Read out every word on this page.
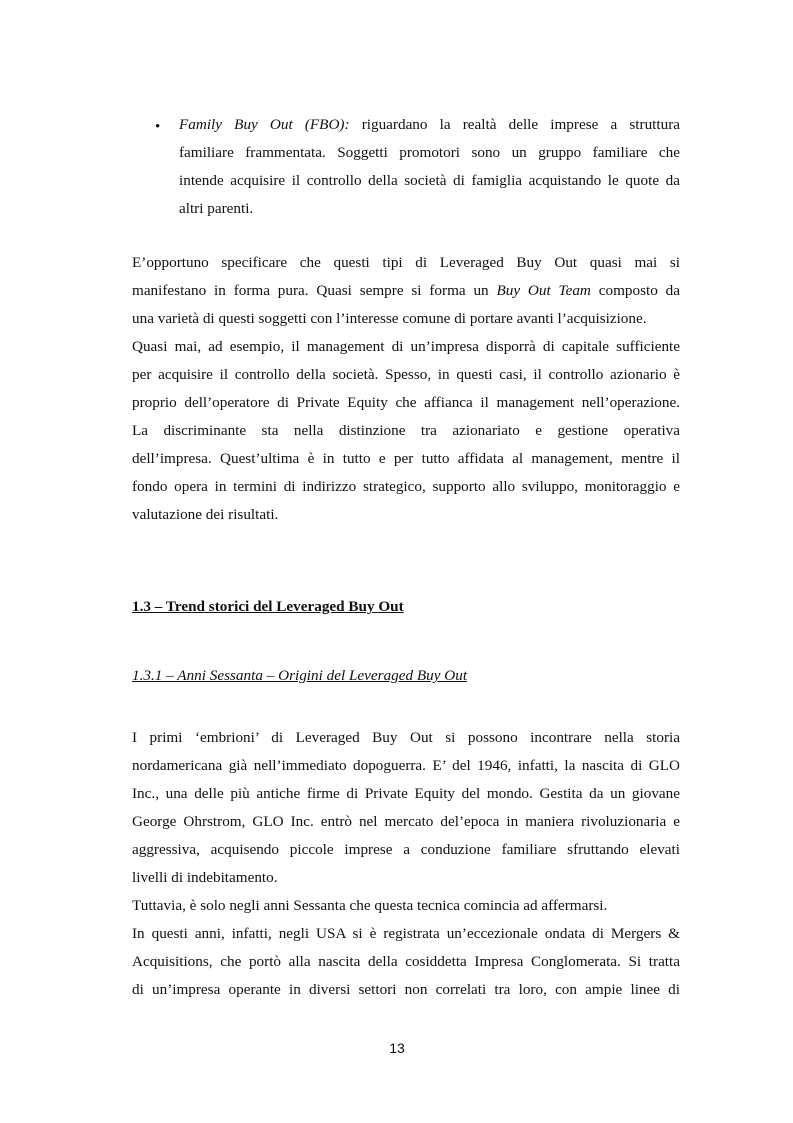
• Family Buy Out (FBO): riguardano la realtà delle imprese a struttura
familiare frammentata. Soggetti promotori sono un gruppo familiare che
intende acquisire il controllo della società di famiglia acquistando le quote da
altri parenti.
E’opportuno specificare che questi tipi di Leveraged Buy Out quasi mai si
manifestano in forma pura. Quasi sempre si forma un Buy Out Team composto da
una varietà di questi soggetti con l’interesse comune di portare avanti l’acquisizione.
Quasi mai, ad esempio, il management di un’impresa disporrà di capitale sufficiente
per acquisire il controllo della società. Spesso, in questi casi, il controllo azionario è
proprio dell’operatore di Private Equity che affianca il management nell’operazione.
La discriminante sta nella distinzione tra azionariato e gestione operativa
dell’impresa. Quest’ultima è in tutto e per tutto affidata al management, mentre il
fondo opera in termini di indirizzo strategico, supporto allo sviluppo, monitoraggio e
valutazione dei risultati.
1.3 – Trend storici del Leveraged Buy Out
1.3.1 – Anni Sessanta – Origini del Leveraged Buy Out
I primi ‘embrioni’ di Leveraged Buy Out si possono incontrare nella storia
nordamericana già nell’immediato dopoguerra. E’ del 1946, infatti, la nascita di GLO
Inc., una delle più antiche firme di Private Equity del mondo. Gestita da un giovane
George Ohrstrom, GLO Inc. entrò nel mercato del’epoca in maniera rivoluzionaria e
aggressiva, acquisendo piccole imprese a conduzione familiare sfruttando elevati
livelli di indebitamento.
Tuttavia, è solo negli anni Sessanta che questa tecnica comincia ad affermarsi.
In questi anni, infatti, negli USA si è registrata un’eccezionale ondata di Mergers &
Acquisitions, che portò alla nascita della cosiddetta Impresa Conglomerata. Si tratta
di un’impresa operante in diversi settori non correlati tra loro, con ampie linee di
13
